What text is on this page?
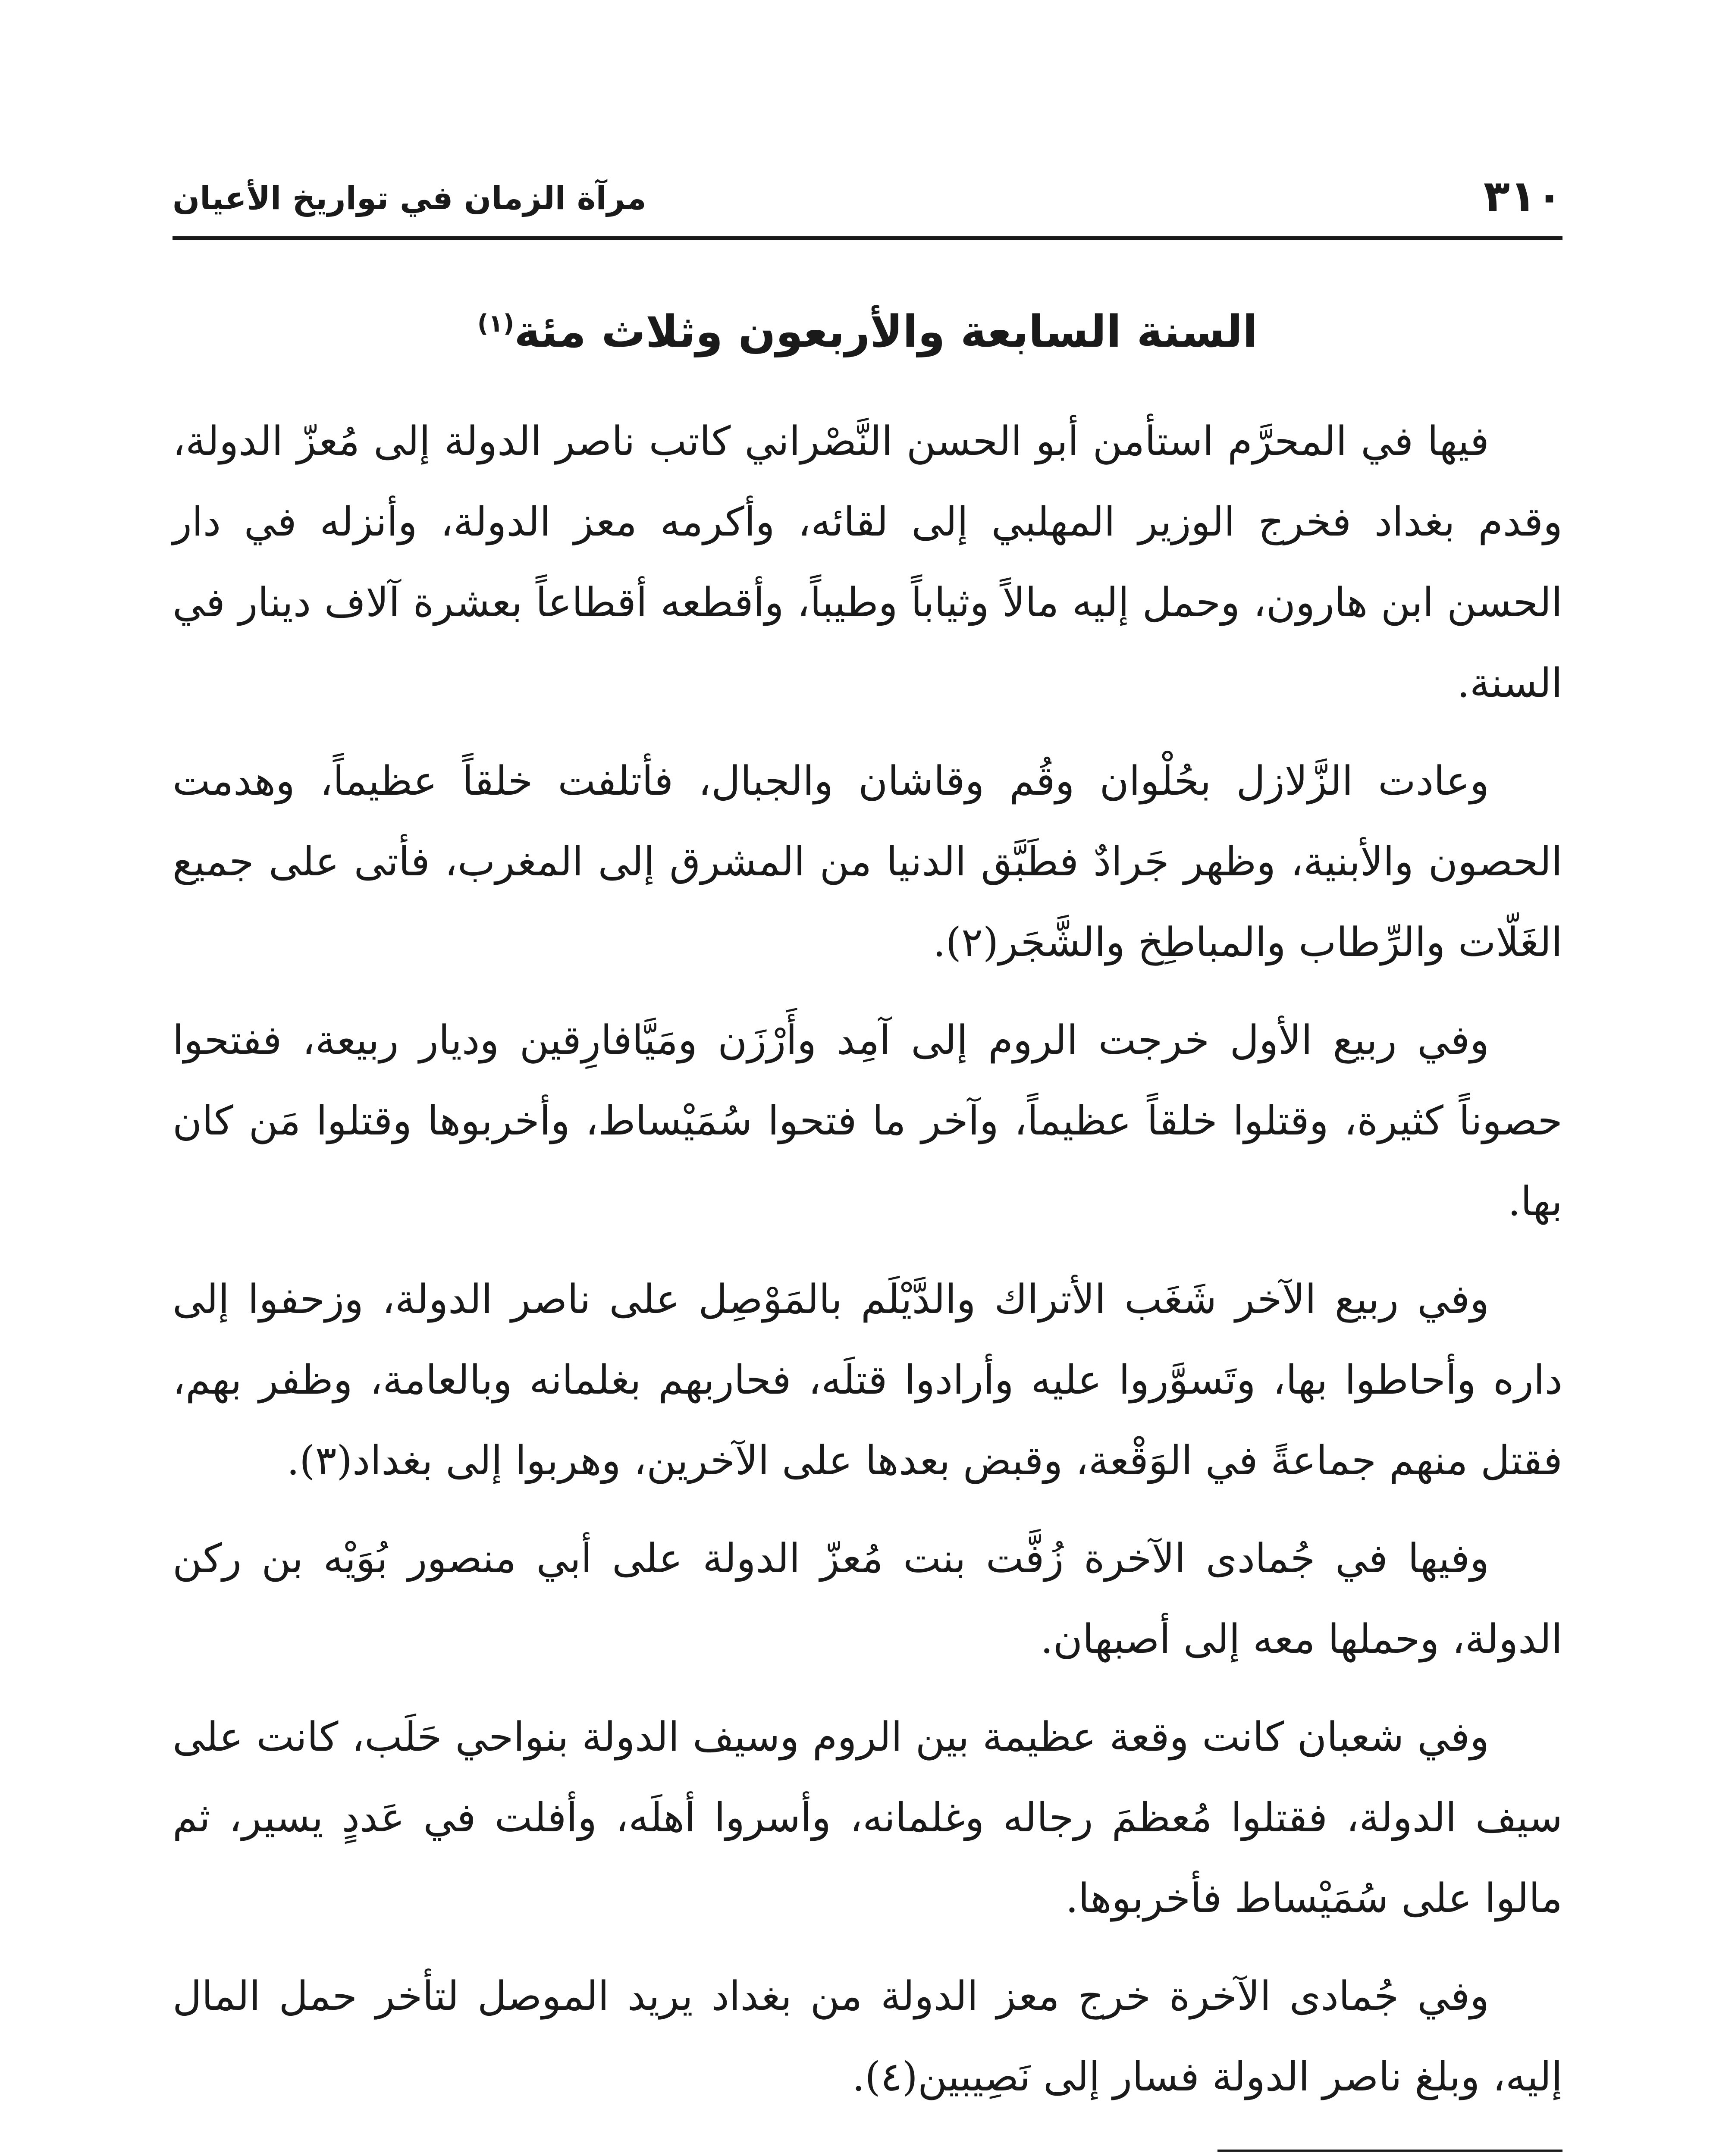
٣١٠
مرآة الزمان في تواريخ الأعيان
السنة السابعة والأربعون وثلاث مئة$^{(١)}$

فيها في المحرَّم استأمن أبو الحسن النَّصْراني كاتب ناصر الدولة إلى مُعزّ الدولة، وقدم بغداد فخرج الوزير المهلبي إلى لقائه، وأكرمه معز الدولة، وأنزله في دار الحسن ابن هارون، وحمل إليه مالاً وثياباً وطيباً، وأقطعه أقطاعاً بعشرة آلاف دينار في السنة.

وعادت الزَّلازل بحُلْوان وقُم وقاشان والجبال، فأتلفت خلقاً عظيماً، وهدمت الحصون والأبنية، وظهر جَرادٌ فطَبَّق الدنيا من المشرق إلى المغرب، فأتى على جميع الغَلّات والرِّطاب والمباطِخ والشَّجَر(٢).

وفي ربيع الأول خرجت الروم إلى آمِد وأَرْزَن ومَيَّافارِقين وديار ربيعة، ففتحوا حصوناً كثيرة، وقتلوا خلقاً عظيماً، وآخر ما فتحوا سُمَيْساط، وأخربوها وقتلوا مَن كان بها.

وفي ربيع الآخر شَغَب الأتراك والدَّيْلَم بالمَوْصِل على ناصر الدولة، وزحفوا إلى داره وأحاطوا بها، وتَسوَّروا عليه وأرادوا قتلَه، فحاربهم بغلمانه وبالعامة، وظفر بهم، فقتل منهم جماعةً في الوَقْعة، وقبض بعدها على الآخرين، وهربوا إلى بغداد(٣).

وفيها في جُمادى الآخرة زُفَّت بنت مُعزّ الدولة على أبي منصور بُوَيْه بن ركن الدولة، وحملها معه إلى أصبهان.

وفي شعبان كانت وقعة عظيمة بين الروم وسيف الدولة بنواحي حَلَب، كانت على سيف الدولة، فقتلوا مُعظمَ رجاله وغلمانه، وأسروا أهلَه، وأفلت في عَددٍ يسير، ثم مالوا على سُمَيْساط فأخربوها.

وفي جُمادى الآخرة خرج معز الدولة من بغداد يريد الموصل لتأخر حمل المال إليه، وبلغ ناصر الدولة فسار إلى نَصِيبين(٤).
